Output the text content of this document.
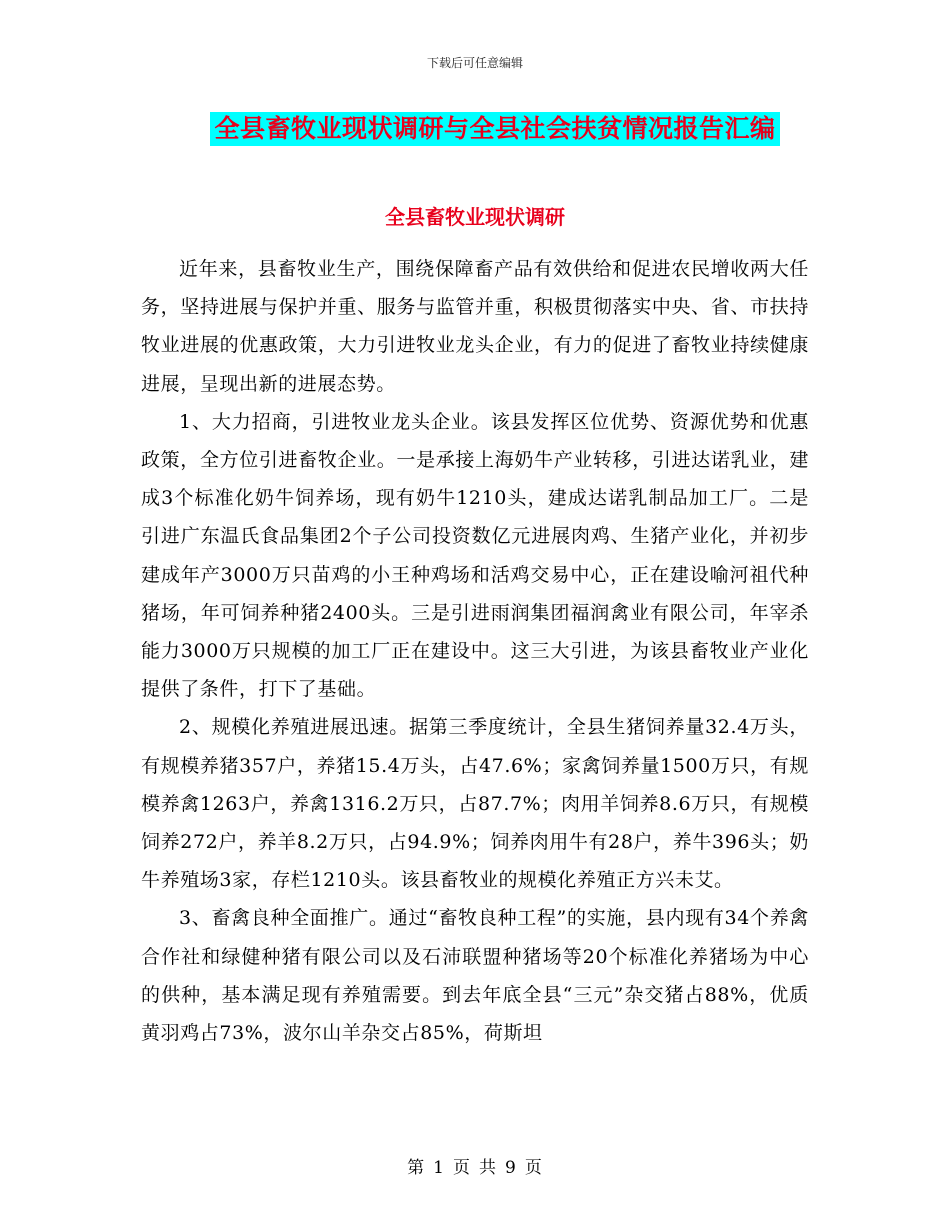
下载后可任意编辑
全县畜牧业现状调研与全县社会扶贫情况报告汇编
全县畜牧业现状调研

近年来，县畜牧业生产，围绕保障畜产品有效供给和促进农民增收两大任务，坚持进展与保护并重、服务与监管并重，积极贯彻落实中央、省、市扶持牧业进展的优惠政策，大力引进牧业龙头企业，有力的促进了畜牧业持续健康进展，呈现出新的进展态势。

1、大力招商，引进牧业龙头企业。该县发挥区位优势、资源优势和优惠政策，全方位引进畜牧企业。一是承接上海奶牛产业转移，引进达诺乳业，建成3个标准化奶牛饲养场，现有奶牛1210头，建成达诺乳制品加工厂。二是引进广东温氏食品集团2个子公司投资数亿元进展肉鸡、生猪产业化，并初步建成年产3000万只苗鸡的小王种鸡场和活鸡交易中心，正在建设喻河祖代种猪场，年可饲养种猪2400头。三是引进雨润集团福润禽业有限公司，年宰杀能力3000万只规模的加工厂正在建设中。这三大引进，为该县畜牧业产业化提供了条件，打下了基础。

2、规模化养殖进展迅速。据第三季度统计，全县生猪饲养量32.4万头，有规模养猪357户，养猪15.4万头，占47.6%；家禽饲养量1500万只，有规模养禽1263户，养禽1316.2万只，占87.7%；肉用羊饲养8.6万只，有规模饲养272户，养羊8.2万只，占94.9%；饲养肉用牛有28户，养牛396头；奶牛养殖场3家，存栏1210头。该县畜牧业的规模化养殖正方兴未艾。

3、畜禽良种全面推广。通过“畜牧良种工程”的实施，县内现有34个养禽合作社和绿健种猪有限公司以及石沛联盟种猪场等20个标准化养猪场为中心的供种，基本满足现有养殖需要。到去年底全县“三元”杂交猪占88%，优质黄羽鸡占73%，波尔山羊杂交占85%，荷斯坦

第 1 页 共 9 页
